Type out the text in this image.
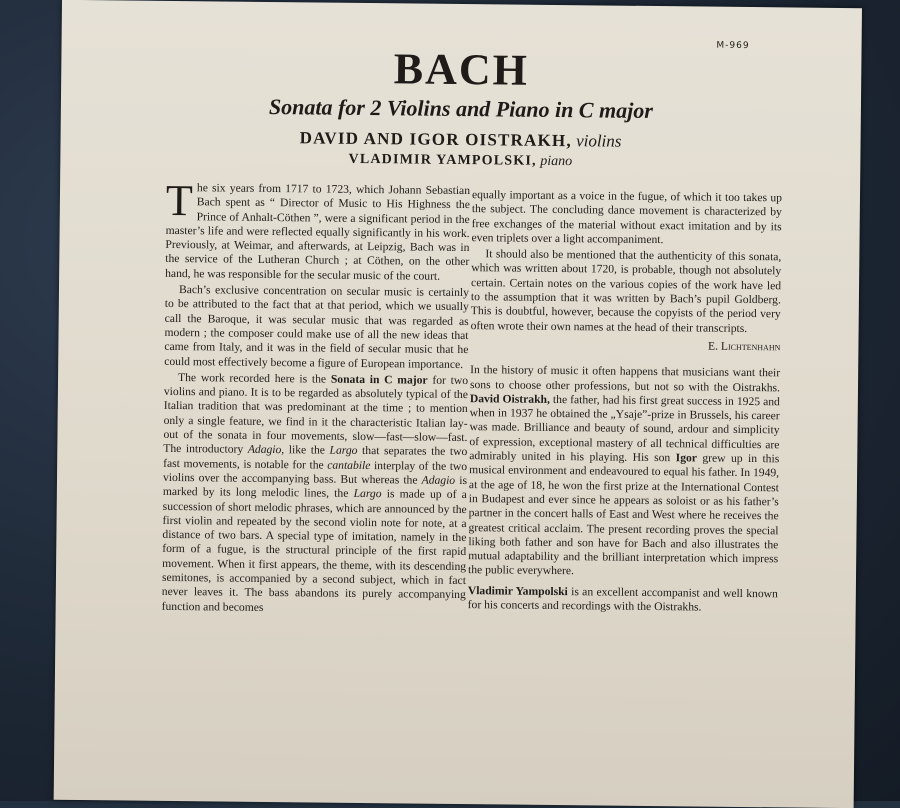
M-969
BACH
Sonata for 2 Violins and Piano in C major

DAVID AND IGOR OISTRAKH, violins

VLADIMIR YAMPOLSKI, piano

The six years from 1717 to 1723, which Johann Sebastian Bach spent as “ Director of Music to His Highness the Prince of Anhalt-Cöthen ”, were a significant period in the master’s life and were reflected equally significantly in his work. Previously, at Weimar, and afterwards, at Leipzig, Bach was in the service of the Lutheran Church ; at Cöthen, on the other hand, he was responsible for the secular music of the court.

Bach’s exclusive concentration on secular music is certainly to be attributed to the fact that at that period, which we usually call the Baroque, it was secular music that was regarded as modern ; the composer could make use of all the new ideas that came from Italy, and it was in the field of secular music that he could most effectively become a figure of European importance.

The work recorded here is the Sonata in C major for two violins and piano. It is to be regarded as absolutely typical of the Italian tradition that was predominant at the time ; to mention only a single feature, we find in it the characteristic Italian lay-out of the sonata in four movements, slow—fast—slow—fast. The introductory Adagio, like the Largo that separates the two fast movements, is notable for the cantabile interplay of the two violins over the accompanying bass. But whereas the Adagio is marked by its long melodic lines, the Largo is made up of a succession of short melodic phrases, which are announced by the first violin and repeated by the second violin note for note, at a distance of two bars. A special type of imitation, namely in the form of a fugue, is the structural principle of the first rapid movement. When it first appears, the theme, with its descending semitones, is accompanied by a second subject, which in fact never leaves it. The bass abandons its purely accompanying function and becomes

equally important as a voice in the fugue, of which it too takes up the subject. The concluding dance movement is characterized by free exchanges of the material without exact imitation and by its even triplets over a light accompaniment.

It should also be mentioned that the authenticity of this sonata, which was written about 1720, is probable, though not absolutely certain. Certain notes on the various copies of the work have led to the assumption that it was written by Bach’s pupil Goldberg. This is doubtful, however, because the copyists of the period very often wrote their own names at the head of their transcripts.

E. Lichtenhahn

In the history of music it often happens that musicians want their sons to choose other professions, but not so with the Oistrakhs. David Oistrakh, the father, had his first great success in 1925 and when in 1937 he obtained the „Ysaje”-prize in Brussels, his career was made. Brilliance and beauty of sound, ardour and simplicity of expression, exceptional mastery of all technical difficulties are admirably united in his playing. His son Igor grew up in this musical environment and endeavoured to equal his father. In 1949, at the age of 18, he won the first prize at the International Contest in Budapest and ever since he appears as soloist or as his father’s partner in the concert halls of East and West where he receives the greatest critical acclaim. The present recording proves the special liking both father and son have for Bach and also illustrates the mutual adaptability and the brilliant interpretation which impress the public everywhere.

Vladimir Yampolski is an excellent accompanist and well known for his concerts and recordings with the Oistrakhs.
